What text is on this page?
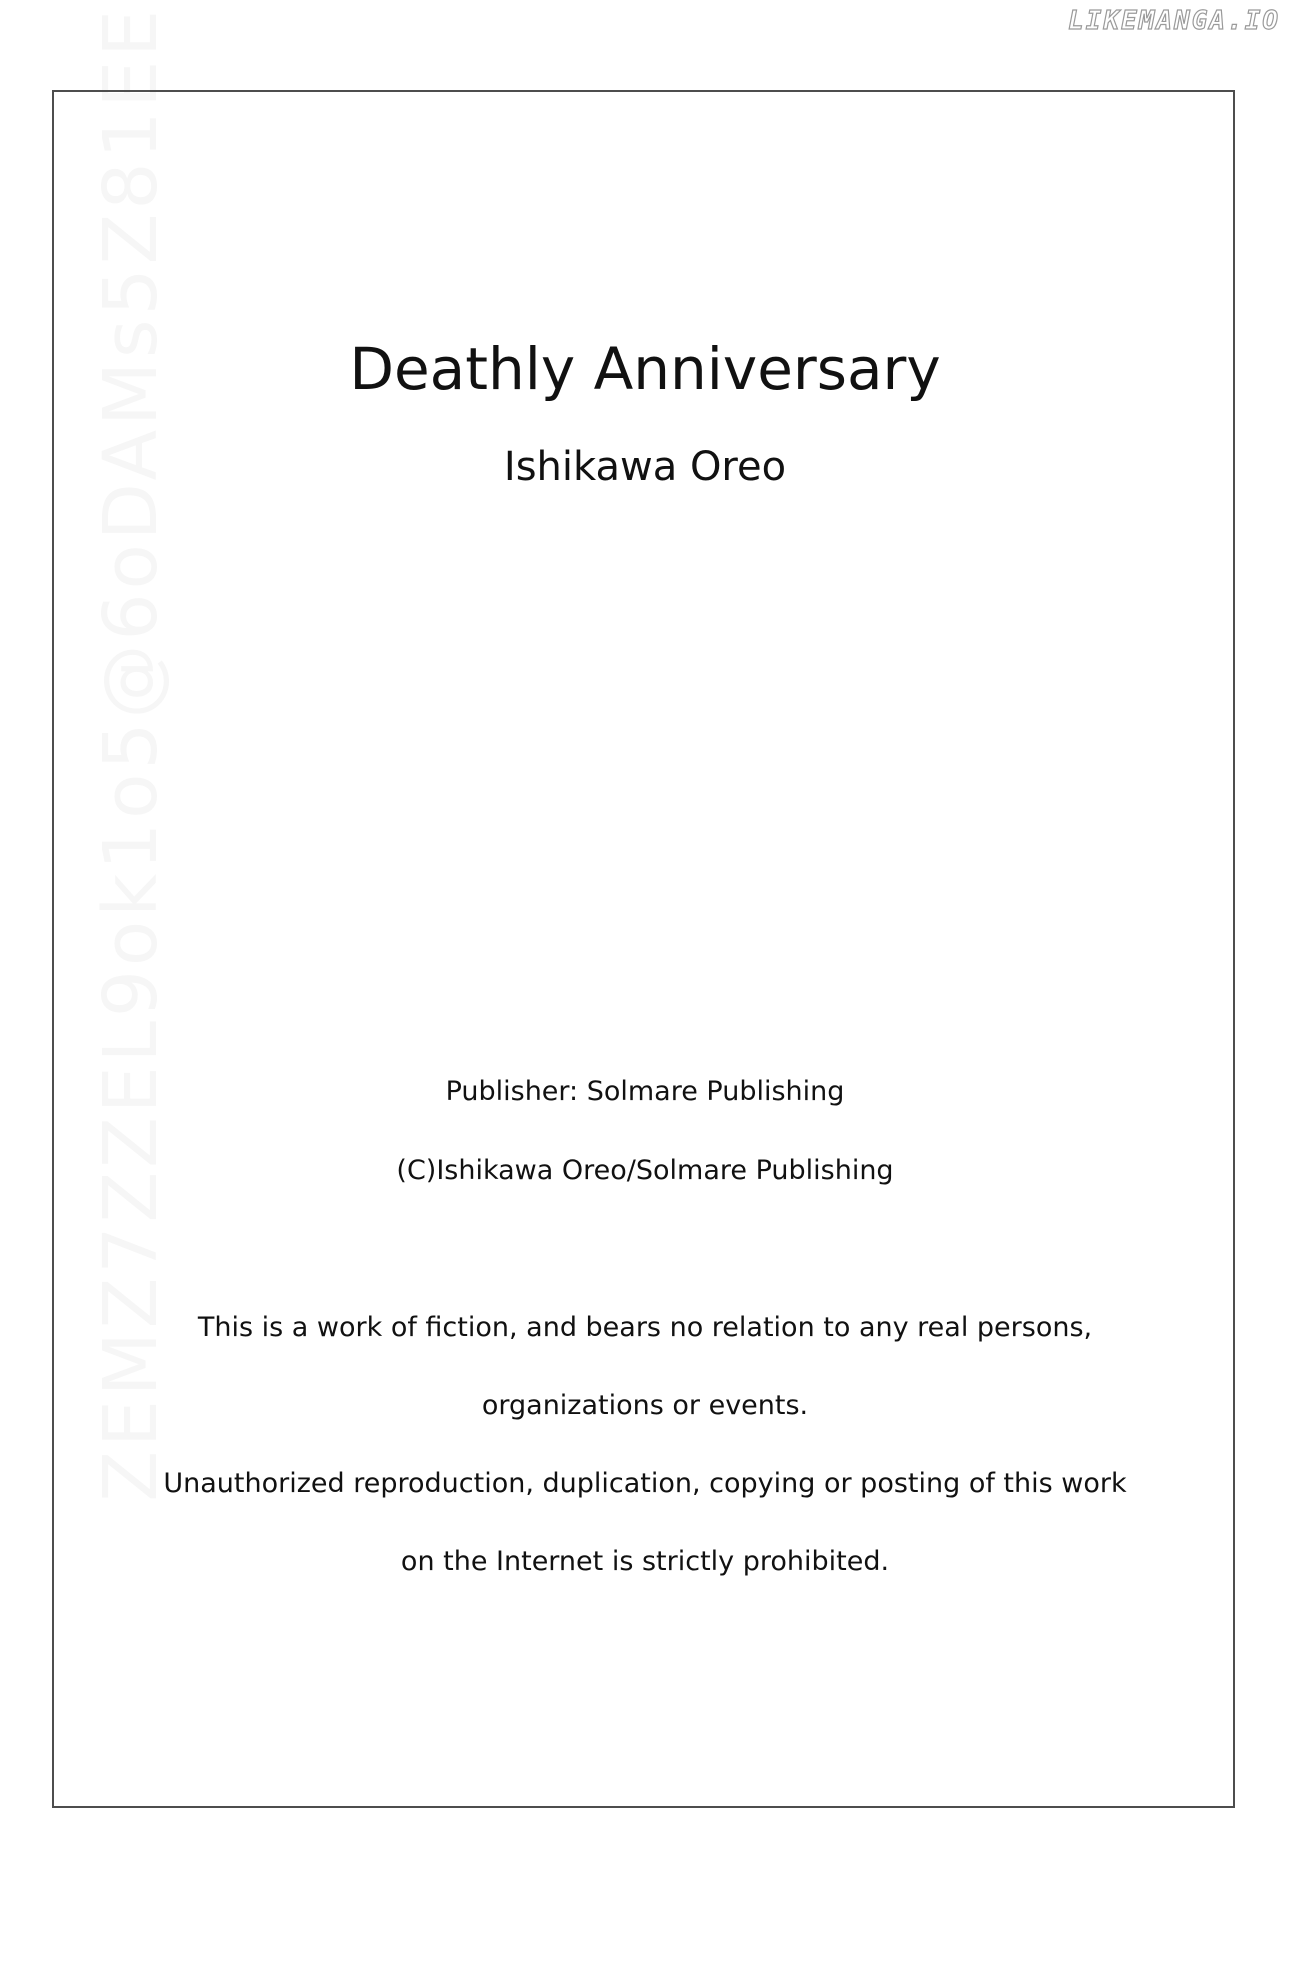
LIKEMANGA.IO
ZEMZ7ZZEL9ok1o5@6oDAMs5Z81EE	Deathly Anniversary
Ishikawa Oreo
Publisher: Solmare Publishing
(C)Ishikawa Oreo/Solmare Publishing
This is a work of fiction, and bears no relation to any real persons,
organizations or events.
Unauthorized reproduction, duplication, copying or posting of this work
on the Internet is strictly prohibited.
